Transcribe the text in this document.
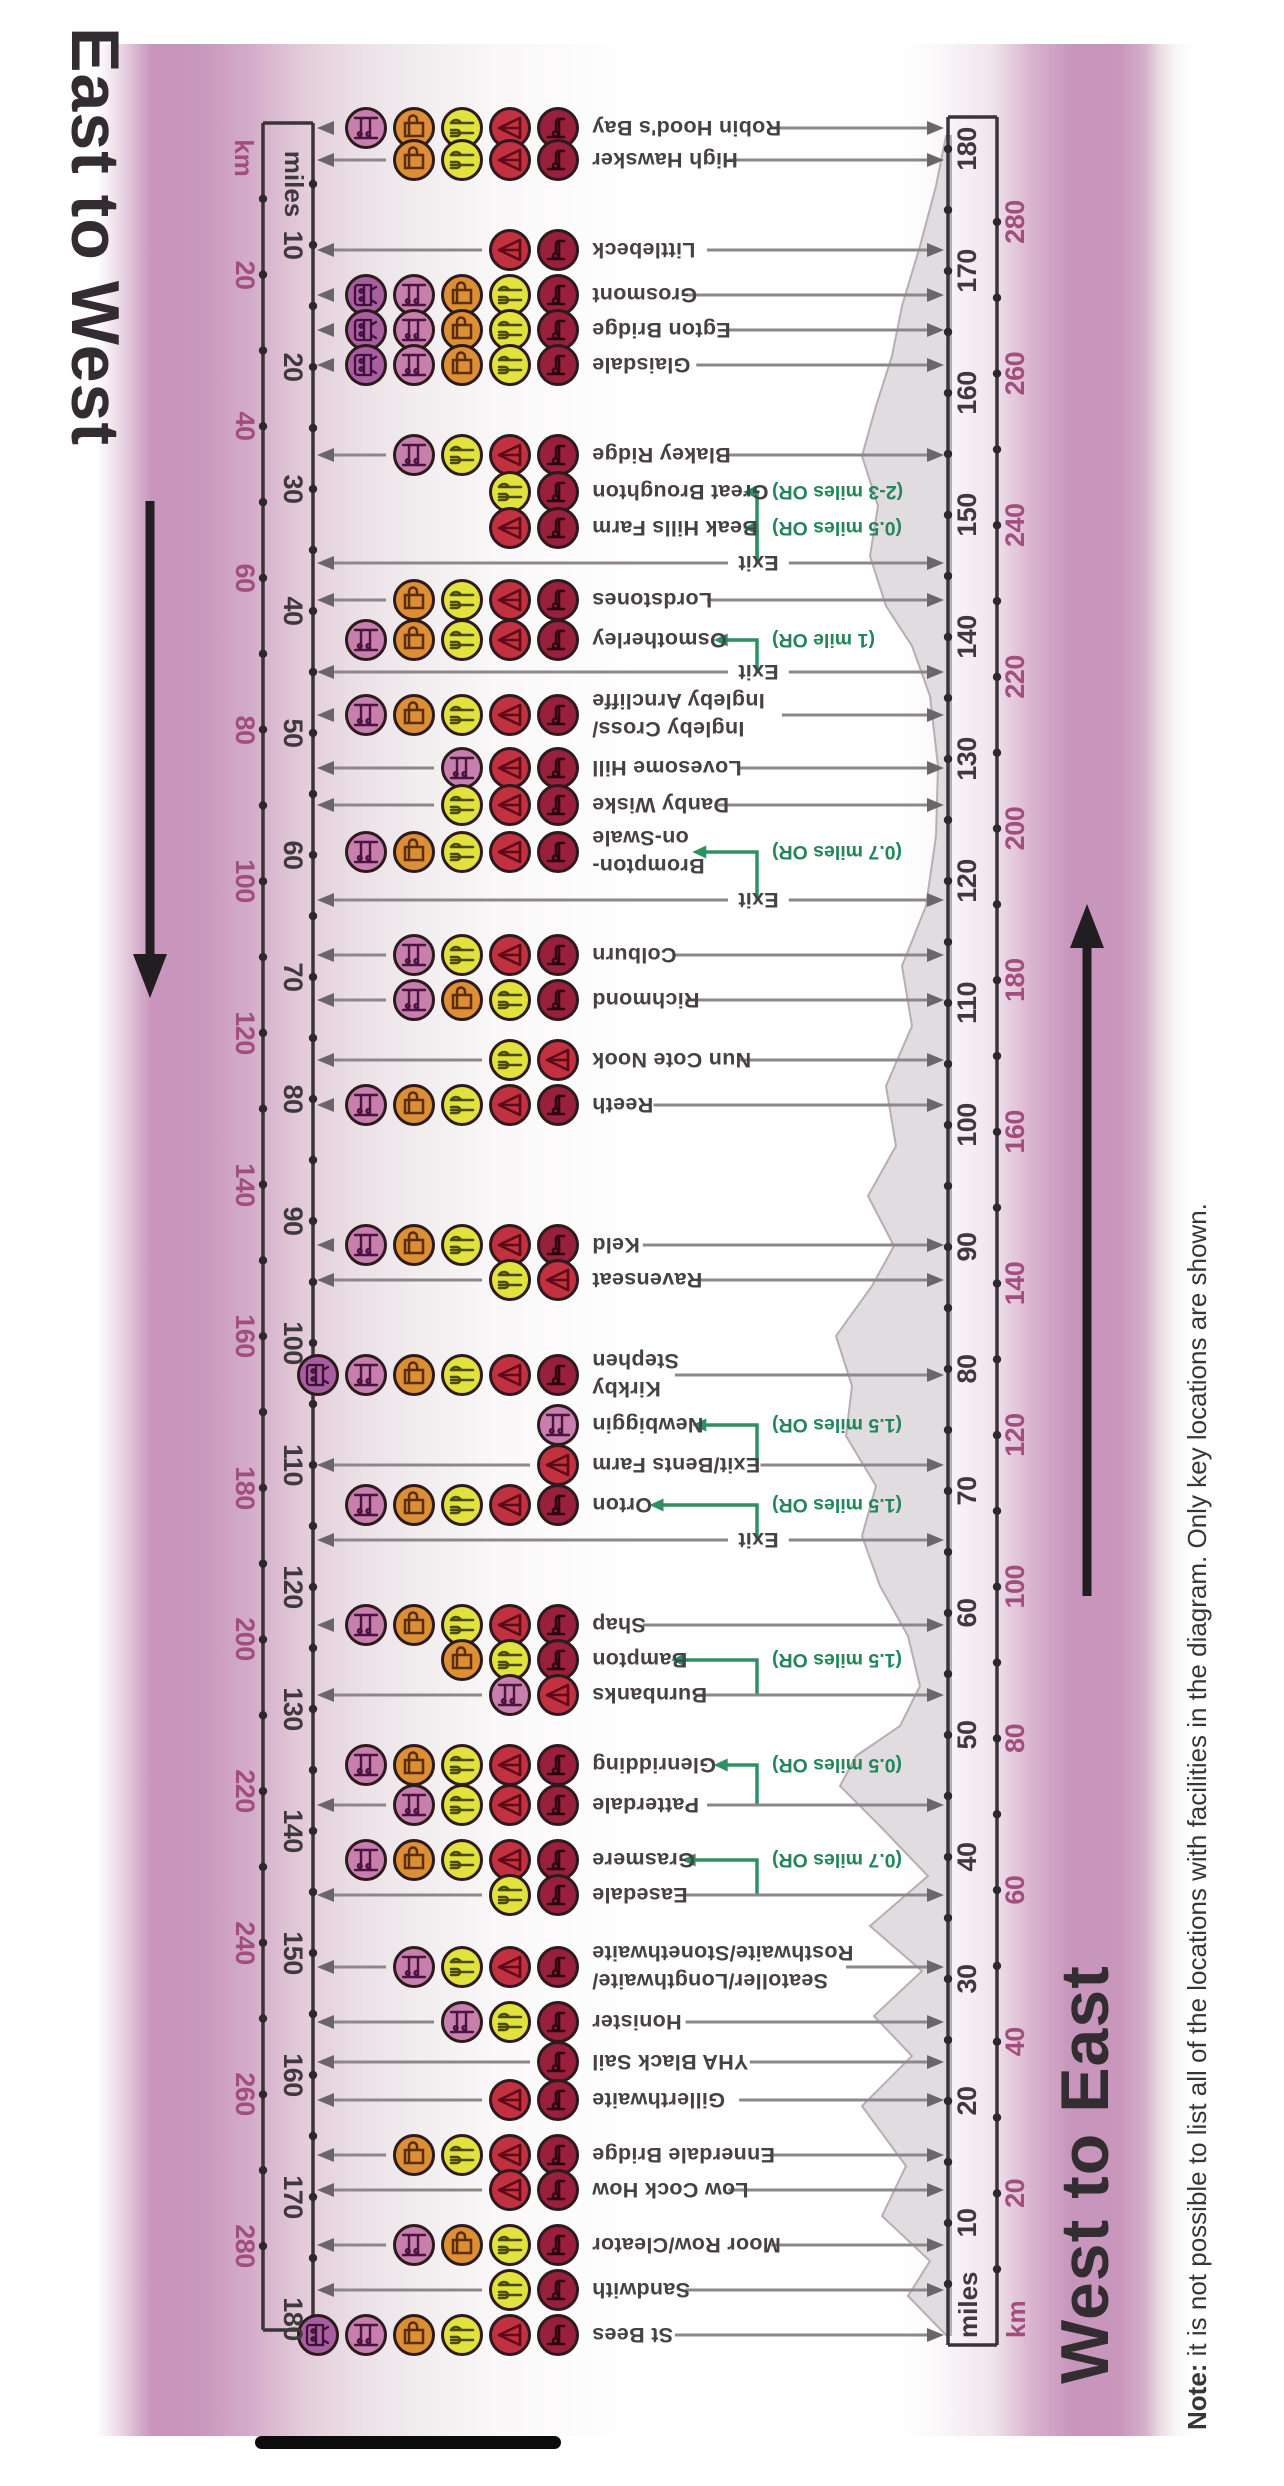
East to West
West to East
km miles
miles km
Note: it is not possible to list all of the locations with facilities in the diagram. Only key locations are shown.
Robin Hood's Bay
High Hawsker
Littlebeck
Grosmont
Egton Bridge
Glaisdale
Blakey Ridge
(2-3 miles OR)
Great Broughton
(0.5 miles OR)
Beak Hills Farm
Exit
Lordstones
(1 mile OR)
Osmotherley
Exit
Ingleby Cross/
Ingleby Arncliffe
Lovesome Hill
Danby Wiske
(0.7 miles OR)
Brompton-
on-Swale
Exit
Colburn
Richmond
Nun Cote Nook
Reeth
Keld
Ravenseat
Kirkby
Stephen
(1.5 miles OR)
Newbiggin
Exit/Bents Farm
(1.5 miles OR)
Orton
Exit
Shap
(1.5 miles OR)
Bampton
Burnbanks
(0.5 miles OR)
Glenridding
Patterdale
(0.7 miles OR)
Grasmere
Easedale
Seatoller/Longthwaite/
Rosthwaite/Stonethwaite
Honister
YHA Black Sail
Gillerthwaite
Ennerdale Bridge
Low Cock How
Moor Row/Cleator
Sandwith
St Bees
10
20
30
40
50
60
70
80
90
100
110
120
130
140
150
160
170
180
20
40
60
80
100
120
140
160
180
200
220
240
260
280
10
20
30
40
50
60
70
80
90
100
110
120
130
140
150
160
170
180
20
40
60
80
100
120
140
160
180
200
220
240
260
280
